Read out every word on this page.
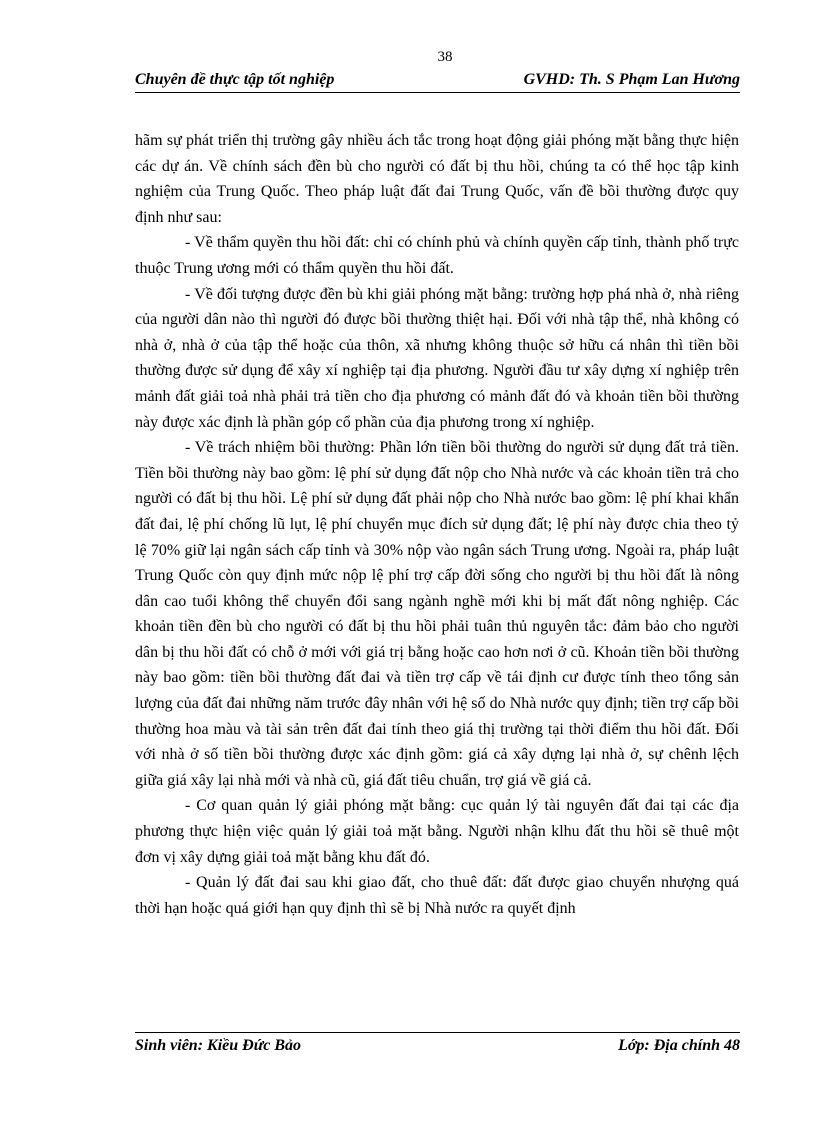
38
Chuyên đề thực tập tốt nghiệp	GVHD: Th. S Phạm Lan Hương

hãm sự phát triển thị trường gây nhiều ách tắc trong hoạt động giải phóng mặt bằng thực hiện các dự án. Về chính sách đền bù cho người có đất bị thu hồi, chúng ta có thể học tập kinh nghiệm của Trung Quốc. Theo pháp luật đất đai Trung Quốc, vấn đề bồi thường được quy định như sau:

- Về thẩm quyền thu hồi đất: chỉ có chính phủ và chính quyền cấp tỉnh, thành phố trực thuộc Trung ương mới có thẩm quyền thu hồi đất.

- Về đối tượng được đền bù khi giải phóng mặt bằng: trường hợp phá nhà ở, nhà riêng của người dân nào thì người đó được bồi thường thiệt hại. Đối với nhà tập thể, nhà không có nhà ở, nhà ở của tập thể hoặc của thôn, xã nhưng không thuộc sở hữu cá nhân thì tiền bồi thường được sử dụng để xây xí nghiệp tại địa phương. Người đầu tư xây dựng xí nghiệp trên mảnh đất giải toả nhà phải trả tiền cho địa phương có mảnh đất đó và khoản tiền bồi thường này được xác định là phần góp cổ phần của địa phương trong xí nghiệp.

- Về trách nhiệm bồi thường: Phần lớn tiền bồi thường do người sử dụng đất trả tiền. Tiền bồi thường này bao gồm: lệ phí sử dụng đất nộp cho Nhà nước và các khoản tiền trả cho người có đất bị thu hồi. Lệ phí sử dụng đất phải nộp cho Nhà nước bao gồm: lệ phí khai khẩn đất đai, lệ phí chống lũ lụt, lệ phí chuyển mục đích sử dụng đất; lệ phí này được chia theo tỷ lệ 70% giữ lại ngân sách cấp tỉnh và 30% nộp vào ngân sách Trung ương. Ngoài ra, pháp luật Trung Quốc còn quy định mức nộp lệ phí trợ cấp đời sống cho người bị thu hồi đất là nông dân cao tuổi không thể chuyển đổi sang ngành nghề mới khi bị mất đất nông nghiệp. Các khoản tiền đền bù cho người có đất bị thu hồi phải tuân thủ nguyên tắc: đảm bảo cho người dân bị thu hồi đất có chỗ ở mới với giá trị bằng hoặc cao hơn nơi ở cũ. Khoản tiền bồi thường này bao gồm: tiền bồi thường đất đai và tiền trợ cấp về tái định cư được tính theo tổng sản lượng của đất đai những năm trước đây nhân với hệ số do Nhà nước quy định; tiền trợ cấp bồi thường hoa màu và tài sản trên đất đai tính theo giá thị trường tại thời điểm thu hồi đất. Đối với nhà ở số tiền bồi thường được xác định gồm: giá cả xây dựng lại nhà ở, sự chênh lệch giữa giá xây lại nhà mới và nhà cũ, giá đất tiêu chuẩn, trợ giá về giá cả.

- Cơ quan quản lý giải phóng mặt bằng: cục quản lý tài nguyên đất đai tại các địa phương thực hiện việc quản lý giải toả mặt bằng. Người nhận klhu đất thu hồi sẽ thuê một đơn vị xây dựng giải toả mặt bằng khu đất đó.

- Quản lý đất đai sau khi giao đất, cho thuê đất: đất được giao chuyển nhượng quá thời hạn hoặc quá giới hạn quy định thì sẽ bị Nhà nước ra quyết định

Sinh viên: Kiều Đức Bảo	Lớp: Địa chính 48
